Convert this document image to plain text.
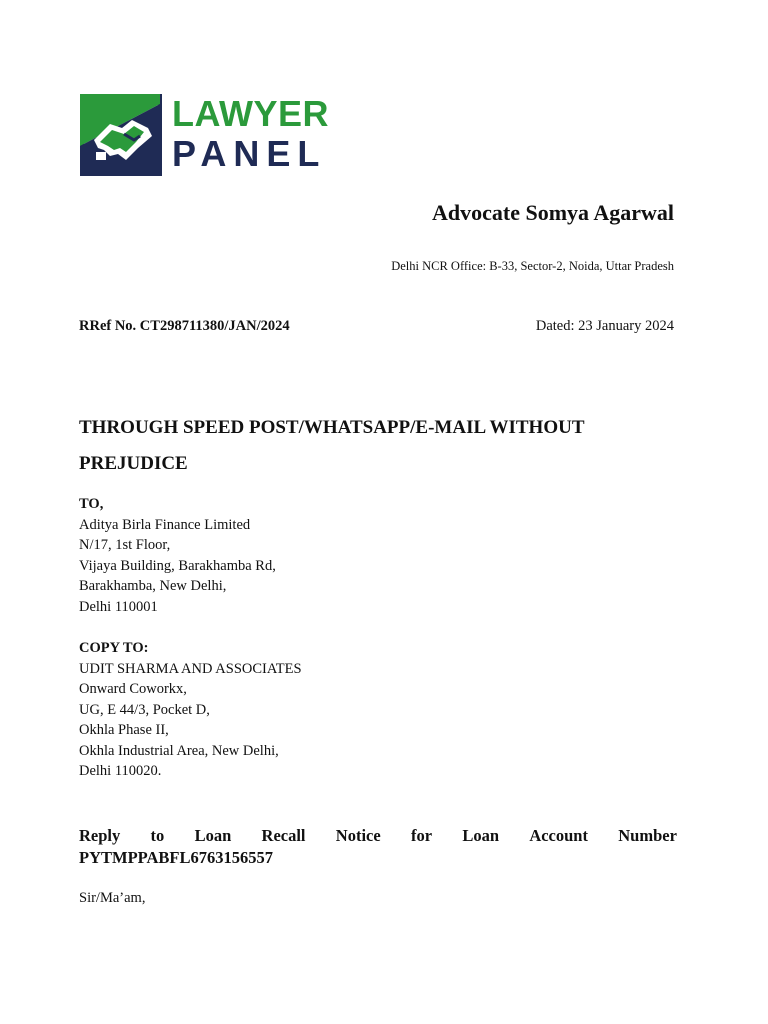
LAWYER
PANEL
Advocate Somya Agarwal
Delhi NCR Office: B-33, Sector-2, Noida, Uttar Pradesh
RRef No. CT298711380/JAN/2024	Dated: 23 January 2024
THROUGH SPEED POST/WHATSAPP/E-MAIL WITHOUT PREJUDICE
TO,
Aditya Birla Finance Limited
N/17, 1st Floor,
Vijaya Building, Barakhamba Rd,
Barakhamba, New Delhi,
Delhi 110001
COPY TO:
UDIT SHARMA AND ASSOCIATES
Onward Coworkx,
UG, E 44/3, Pocket D,
Okhla Phase II,
Okhla Industrial Area, New Delhi,
Delhi 110020.
Reply to Loan Recall Notice for Loan Account Number
PYTMPPABFL6763156557
Sir/Ma’am,
